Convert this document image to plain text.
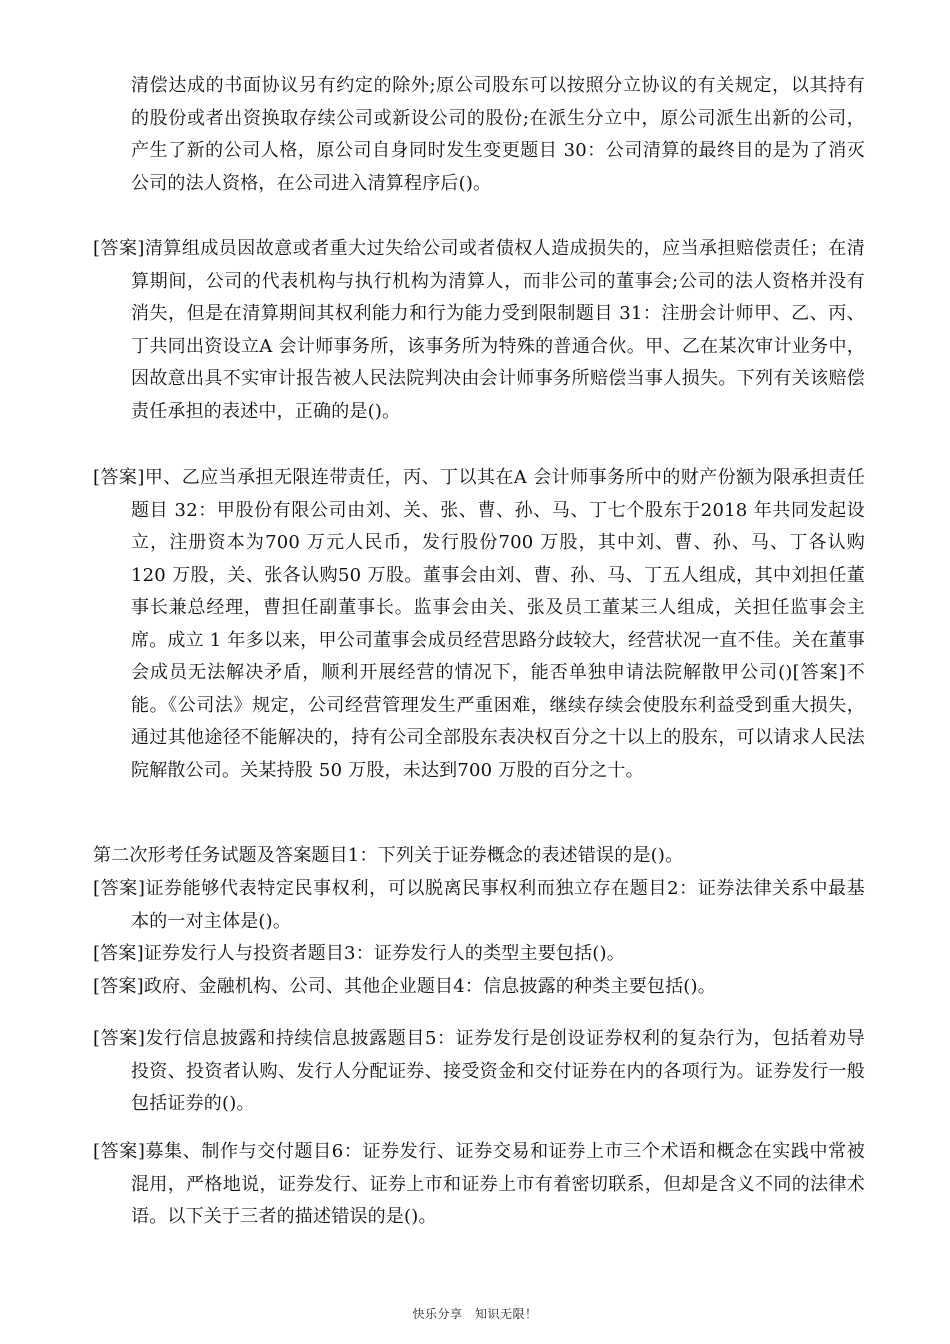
清偿达成的书面协议另有约定的除外;原公司股东可以按照分立协议的有关规定，以其持有的股份或者出资换取存续公司或新设公司的股份;在派生分立中，原公司派生出新的公司，产生了新的公司人格，原公司自身同时发生变更题目 30：公司清算的最终目的是为了消灭公司的法人资格，在公司进入清算程序后()。

[答案]清算组成员因故意或者重大过失给公司或者债权人造成损失的，应当承担赔偿责任；在清算期间，公司的代表机构与执行机构为清算人，而非公司的董事会;公司的法人资格并没有消失，但是在清算期间其权利能力和行为能力受到限制题目 31：注册会计师甲、乙、丙、丁共同出资设立A 会计师事务所，该事务所为特殊的普通合伙。甲、乙在某次审计业务中，因故意出具不实审计报告被人民法院判决由会计师事务所赔偿当事人损失。下列有关该赔偿责任承担的表述中，正确的是()。

[答案]甲、乙应当承担无限连带责任，丙、丁以其在A 会计师事务所中的财产份额为限承担责任题目 32：甲股份有限公司由刘、关、张、曹、孙、马、丁七个股东于2018 年共同发起设立，注册资本为700 万元人民币，发行股份700 万股，其中刘、曹、孙、马、丁各认购120 万股，关、张各认购50 万股。董事会由刘、曹、孙、马、丁五人组成，其中刘担任董事长兼总经理，曹担任副董事长。监事会由关、张及员工董某三人组成，关担任监事会主席。成立 1 年多以来，甲公司董事会成员经营思路分歧较大，经营状况一直不佳。关在董事会成员无法解决矛盾，顺利开展经营的情况下，能否单独申请法院解散甲公司()[答案]不能。《公司法》规定，公司经营管理发生严重困难，继续存续会使股东利益受到重大损失，通过其他途径不能解决的，持有公司全部股东表决权百分之十以上的股东，可以请求人民法院解散公司。关某持股 50 万股，未达到700 万股的百分之十。

第二次形考任务试题及答案题目1：下列关于证券概念的表述错误的是()。

[答案]证券能够代表特定民事权利，可以脱离民事权利而独立存在题目2：证券法律关系中最基本的一对主体是()。

[答案]证券发行人与投资者题目3：证券发行人的类型主要包括()。

[答案]政府、金融机构、公司、其他企业题目4：信息披露的种类主要包括()。

[答案]发行信息披露和持续信息披露题目5：证券发行是创设证券权利的复杂行为，包括着劝导投资、投资者认购、发行人分配证券、接受资金和交付证券在内的各项行为。证券发行一般包括证券的()。

[答案]募集、制作与交付题目6：证券发行、证券交易和证券上市三个术语和概念在实践中常被混用，严格地说，证券发行、证券上市和证券上市有着密切联系，但却是含义不同的法律术语。以下关于三者的描述错误的是()。

快乐分享　知识无限！
